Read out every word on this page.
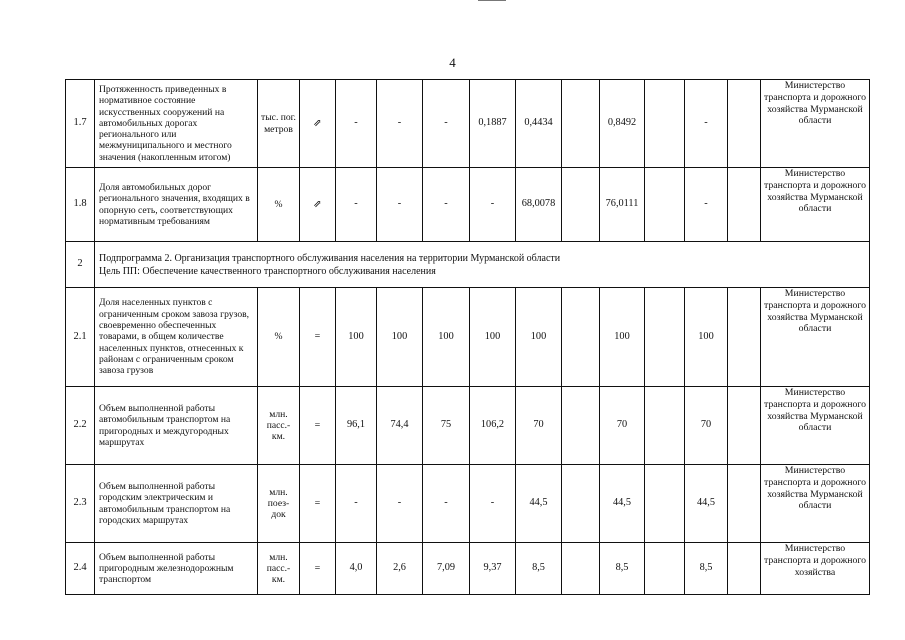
4
1.7	Протяженность приведенных в нормативное состояние искусственных сооружений на автомобильных дорогах регионального или межмуниципального и местного значения (накопленным итогом)	тыс. пог. метров	⇗	-	-	-	0,1887	0,4434		0,8492		-		Министерство транспорта и дорожного хозяйства Мурманской области
1.8	Доля автомобильных дорог регионального значения, входящих в опорную сеть, соответствующих нормативным требованиям	%	⇗	-	-	-	-	68,0078		76,0111		-		Министерство транспорта и дорожного хозяйства Мурманской области
2	Подпрограмма 2. Организация транспортного обслуживания населения на территории Мурманской области
Цель ПП: Обеспечение качественного транспортного обслуживания населения													

2.1	Доля населенных пунктов с ограниченным сроком завоза грузов, своевременно обеспеченных товарами, в общем количестве населенных пунктов, отнесенных к районам с ограниченным сроком завоза грузов	%	=	100	100	100	100	100		100		100		Министерство транспорта и дорожного хозяйства Мурманской области
2.2	Объем выполненной работы автомобильным транспортом на пригородных и междугородных маршрутах	млн. пасс.- км.	=	96,1	74,4	75	106,2	70		70		70		Министерство транспорта и дорожного хозяйства Мурманской области
2.3	Объем выполненной работы городским электрическим и автомобильным транспортом на городских маршрутах	млн. поез- док	=	-	-	-	-	44,5		44,5		44,5		Министерство транспорта и дорожного хозяйства Мурманской области
2.4	Объем выполненной работы пригородным железнодорожным транспортом	млн. пасс.- км.	=	4,0	2,6	7,09	9,37	8,5		8,5		8,5		Министерство транспорта и дорожного хозяйства
